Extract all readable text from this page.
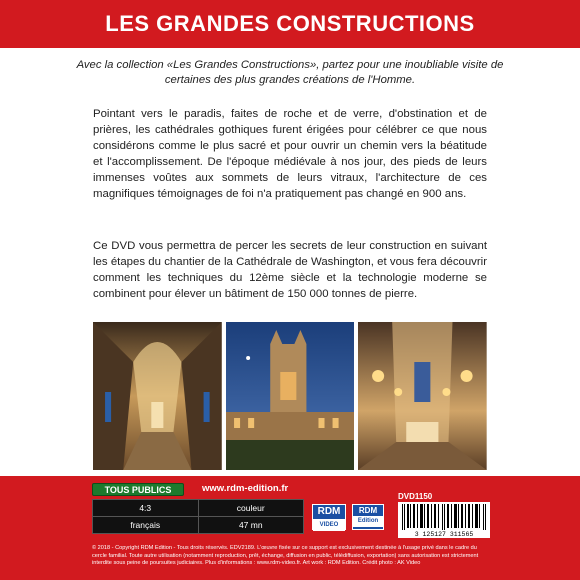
LES GRANDES CONSTRUCTIONS

Avec la collection «Les Grandes Constructions», partez pour une inoubliable visite de certaines des plus grandes créations de l'Homme.

Pointant vers le paradis, faites de roche et de verre, d'obstination et de prières, les cathédrales gothiques furent érigées pour célébrer ce que nous considérons comme le plus sacré et pour ouvrir un chemin vers la béatitude et l'accomplissement. De l'époque médiévale à nos jour, des pieds de leurs immenses voûtes aux sommets de leurs vitraux, l'architecture de ces magnifiques témoignages de foi n'a pratiquement pas changé en 900 ans.

Ce DVD vous permettra de percer les secrets de leur construction en suivant les étapes du chantier de la Cathédrale de Washington, et vous fera découvrir comment les techniques du 12ème siècle et la technologie moderne se combinent pour élever un bâtiment de 150 000 tonnes de pierre.

TOUS PUBLICS	www.rdm-edition.fr
DVD1150
4:3	couleur
français	47 mn
RDM
VIDEO
RDM
Edition
3 125127 311565

© 2018 - Copyright RDM Edition - Tous droits réservés. EDV2189. L'œuvre fixée sur ce support est exclusivement destinée à l'usage privé dans le cadre du cercle familial. Toute autre utilisation (notamment reproduction, prêt, échange, diffusion en public, télédiffusion, exportation) sans autorisation est strictement interdite sous peine de poursuites judiciaires. Plus d'informations : www.rdm-video.fr. Art work : RDM Edition. Crédit photo : AK Video
